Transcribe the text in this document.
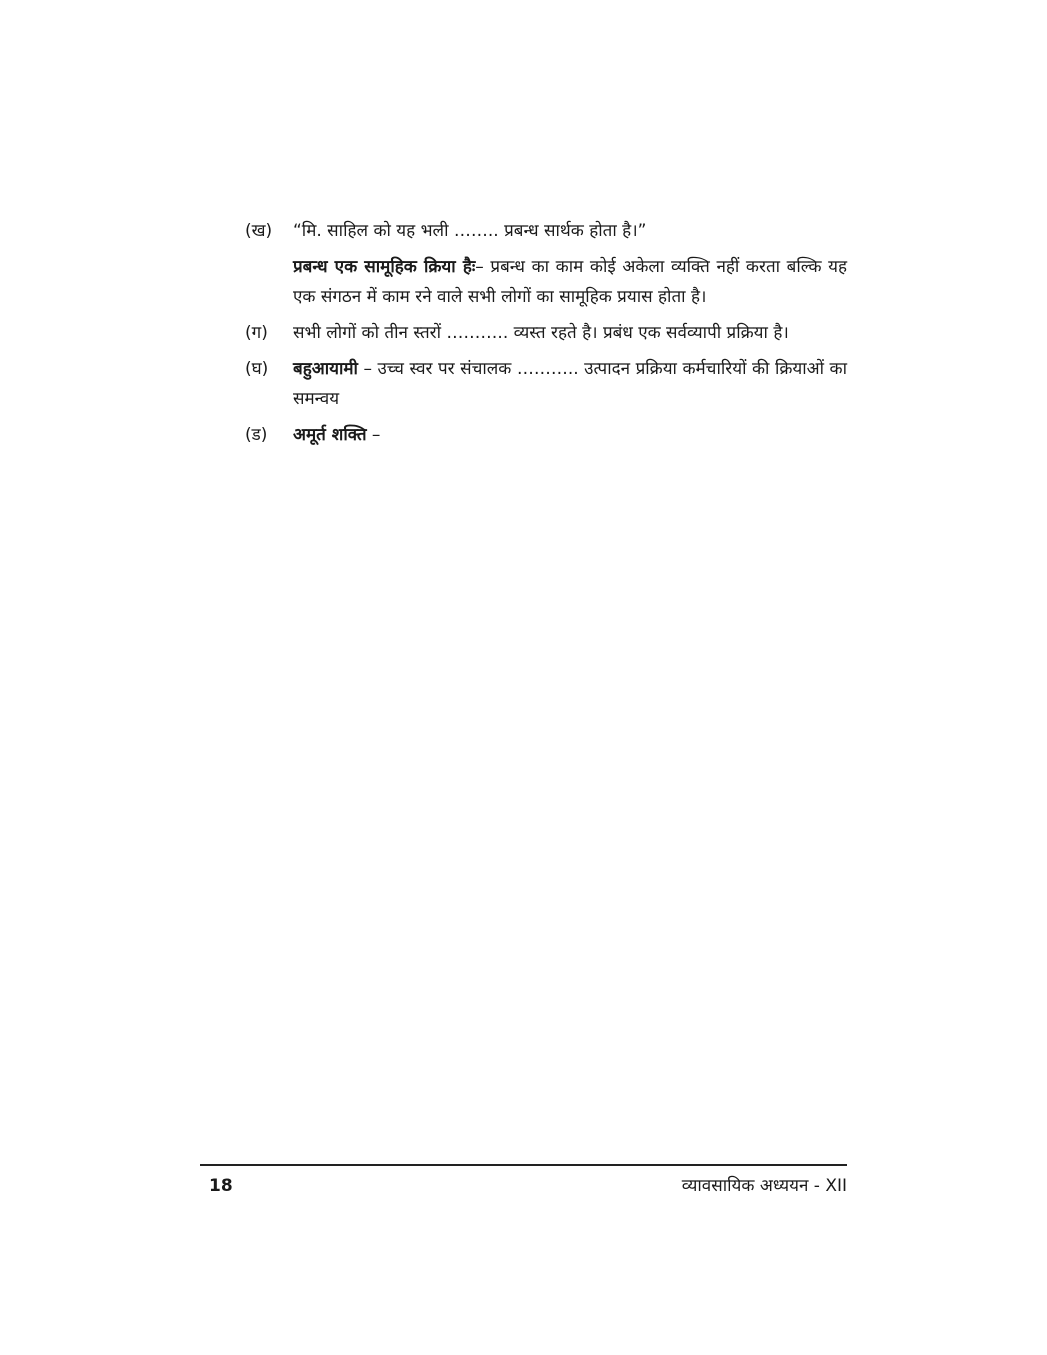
(ख)	“मि. साहिल को यह भली …….. प्रबन्ध सार्थक होता है।”
प्रबन्ध एक सामूहिक क्रिया हैः– प्रबन्ध का काम कोई अकेला व्यक्ति नहीं करता बल्कि यह एक संगठन में काम रने वाले सभी लोगों का सामूहिक प्रयास होता है।
(ग)	सभी लोगों को तीन स्तरों ……….. व्यस्त रहते है। प्रबंध एक सर्वव्यापी प्रक्रिया है।
(घ)	बहुआयामी – उच्च स्वर पर संचालक ……….. उत्पादन प्रक्रिया कर्मचारियों की क्रियाओं का समन्वय
(ड)	अमूर्त शक्ति –
18	व्यावसायिक अध्ययन - XII
